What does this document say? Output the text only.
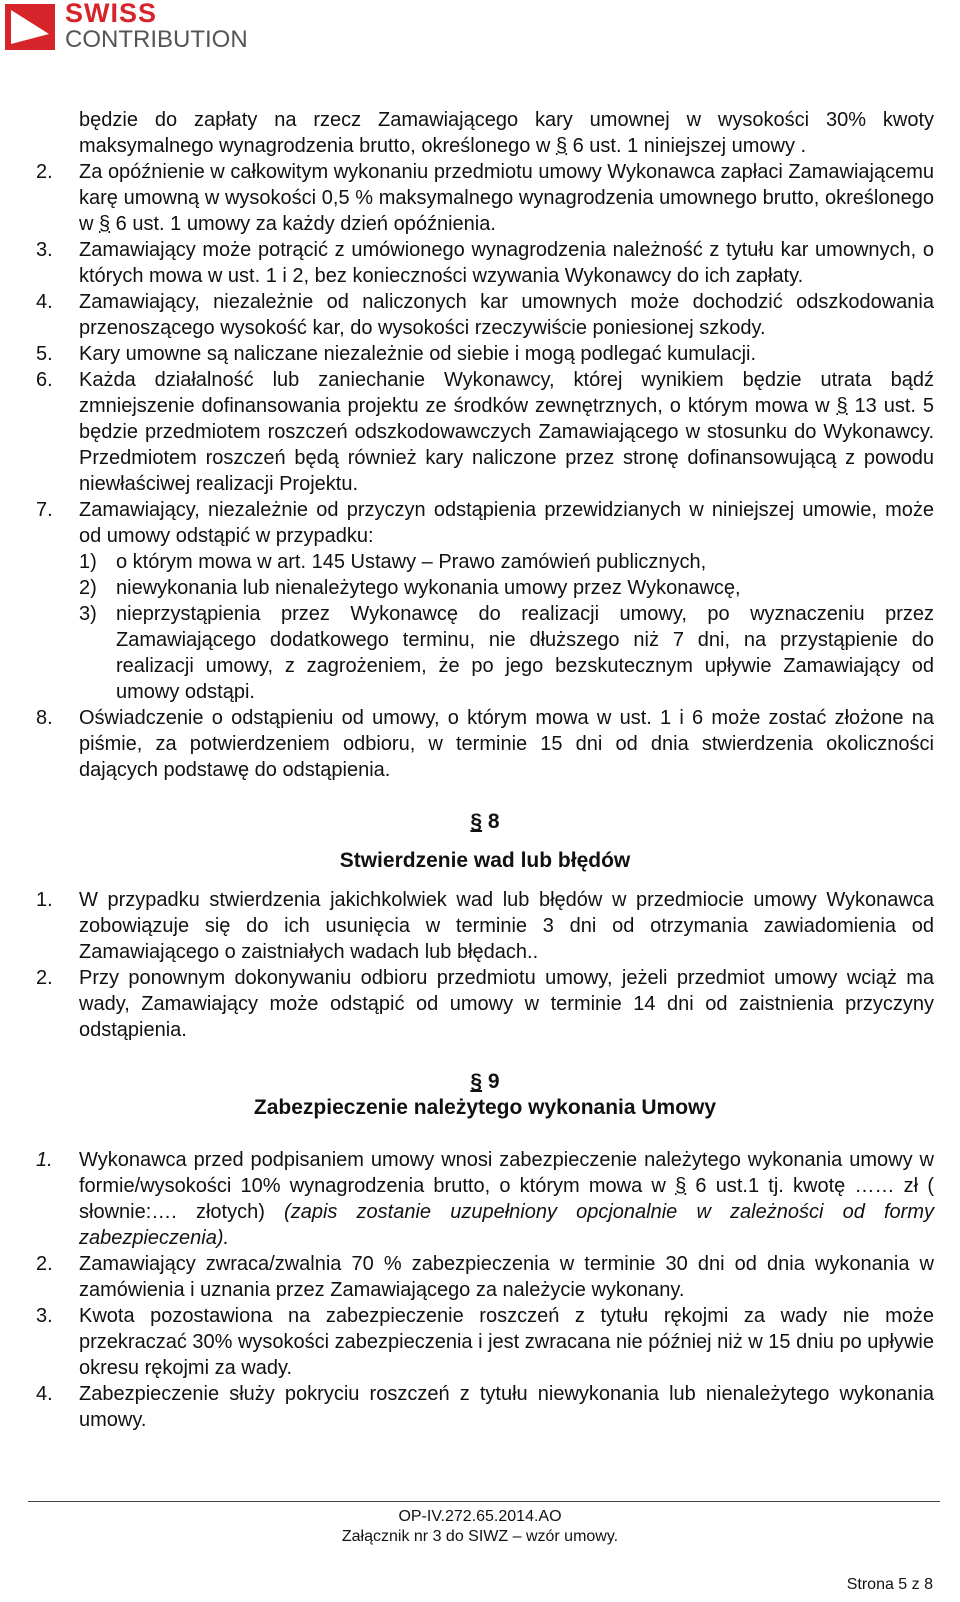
SWISS
CONTRIBUTION
będzie do zapłaty na rzecz Zamawiającego kary umownej w wysokości 30% kwoty maksymalnego wynagrodzenia brutto, określonego w § 6 ust. 1 niniejszej umowy .
2.	Za opóźnienie w całkowitym wykonaniu przedmiotu umowy Wykonawca zapłaci Zamawiającemu karę umowną w wysokości 0,5 % maksymalnego wynagrodzenia umownego brutto, określonego w § 6 ust. 1 umowy za każdy dzień opóźnienia.
3.	Zamawiający może potrącić z umówionego wynagrodzenia należność z tytułu kar umownych, o których mowa w ust. 1 i 2, bez konieczności wzywania Wykonawcy do ich zapłaty.
4.	Zamawiający, niezależnie od naliczonych kar umownych może dochodzić odszkodowania przenoszącego wysokość kar, do wysokości rzeczywiście poniesionej szkody.
5.	Kary umowne są naliczane niezależnie od siebie i mogą podlegać kumulacji.
6.	Każda działalność lub zaniechanie Wykonawcy, której wynikiem będzie utrata bądź zmniejszenie dofinansowania projektu ze środków zewnętrznych, o którym mowa w § 13 ust. 5 będzie przedmiotem roszczeń odszkodowawczych Zamawiającego w stosunku do Wykonawcy. Przedmiotem roszczeń będą również kary naliczone przez stronę dofinansowującą z powodu niewłaściwej realizacji Projektu.
7.	Zamawiający, niezależnie od przyczyn odstąpienia przewidzianych w niniejszej umowie, może od umowy odstąpić w przypadku:
1) o którym mowa w art. 145 Ustawy – Prawo zamówień publicznych,
2) niewykonania lub nienależytego wykonania umowy przez Wykonawcę,
3) nieprzystąpienia przez Wykonawcę do realizacji umowy, po wyznaczeniu przez Zamawiającego dodatkowego terminu, nie dłuższego niż 7 dni, na przystąpienie do realizacji umowy, z zagrożeniem, że po jego bezskutecznym upływie Zamawiający od umowy odstąpi.
8.	Oświadczenie o odstąpieniu od umowy, o którym mowa w ust. 1 i 6 może zostać złożone na piśmie, za potwierdzeniem odbioru, w terminie 15 dni od dnia stwierdzenia okoliczności dających podstawę do odstąpienia.
§ 8
Stwierdzenie wad lub błędów
1.	W przypadku stwierdzenia jakichkolwiek wad lub błędów w przedmiocie umowy Wykonawca zobowiązuje się do ich usunięcia w terminie 3 dni od otrzymania zawiadomienia od Zamawiającego o zaistniałych wadach lub błędach..
2.	Przy ponownym dokonywaniu odbioru przedmiotu umowy, jeżeli przedmiot umowy wciąż ma wady, Zamawiający może odstąpić od umowy w terminie 14 dni od zaistnienia przyczyny odstąpienia.
§ 9
Zabezpieczenie należytego wykonania Umowy
1.	Wykonawca przed podpisaniem umowy wnosi zabezpieczenie należytego wykonania umowy w formie/wysokości 10% wynagrodzenia brutto, o którym mowa w § 6 ust.1 tj. kwotę …… zł ( słownie:…. złotych) (zapis zostanie uzupełniony opcjonalnie w zależności od formy zabezpieczenia).
2.	Zamawiający zwraca/zwalnia 70 % zabezpieczenia w terminie 30 dni od dnia wykonania w zamówienia i uznania przez Zamawiającego za należycie wykonany.
3.	Kwota pozostawiona na zabezpieczenie roszczeń z tytułu rękojmi za wady nie może przekraczać 30% wysokości zabezpieczenia i jest zwracana nie później niż w 15 dniu po upływie okresu rękojmi za wady.
4.	Zabezpieczenie służy pokryciu roszczeń z tytułu niewykonania lub nienależytego wykonania umowy.
OP-IV.272.65.2014.AO
Załącznik nr 3 do SIWZ – wzór umowy.
Strona 5 z 8
